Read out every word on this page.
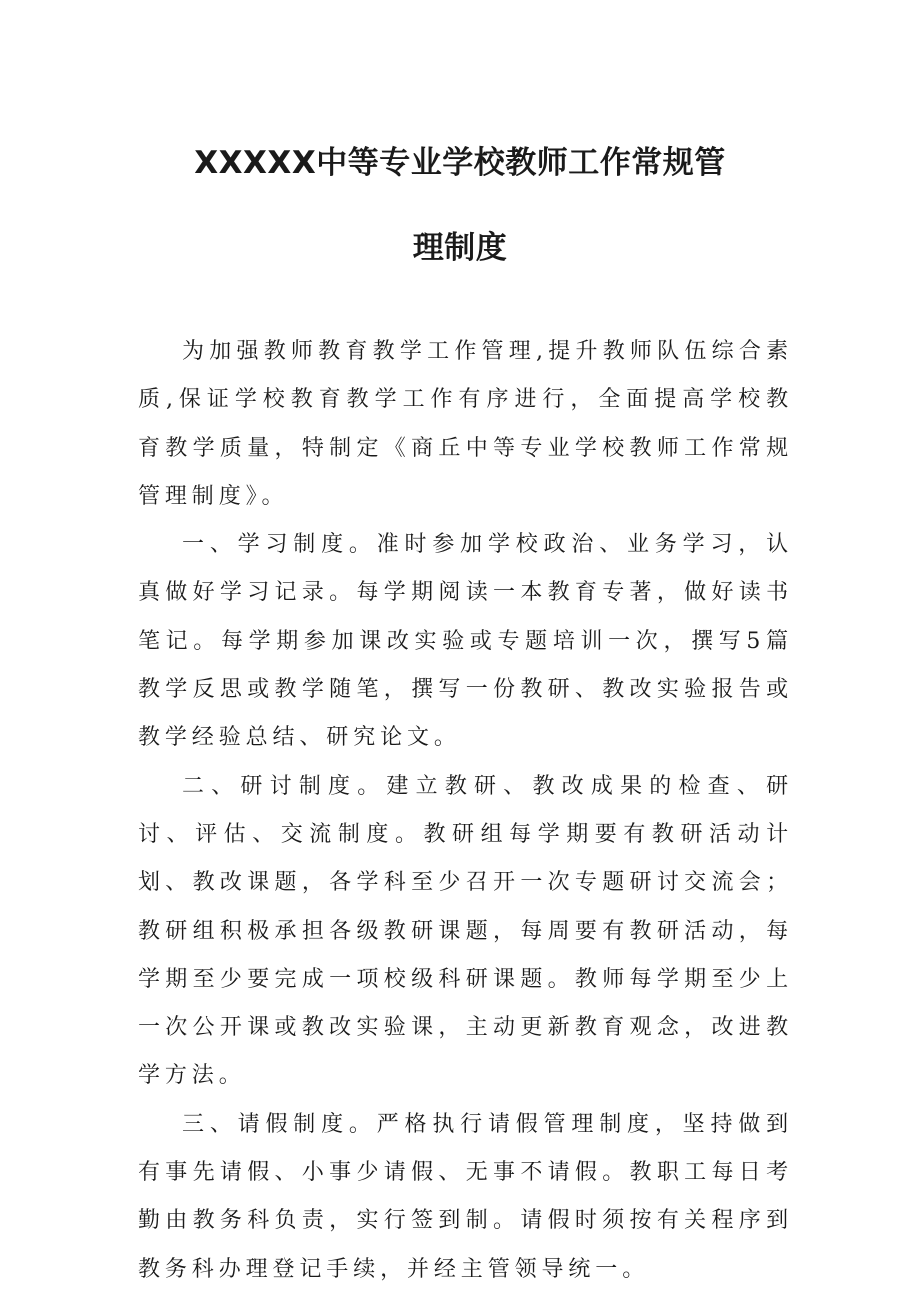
XXXXX中等专业学校教师工作常规管
理制度

为加强教师教育教学工作管理,提升教师队伍综合素质,保证学校教育教学工作有序进行，全面提高学校教育教学质量，特制定《商丘中等专业学校教师工作常规管理制度》。

一、学习制度。准时参加学校政治、业务学习，认真做好学习记录。每学期阅读一本教育专著，做好读书笔记。每学期参加课改实验或专题培训一次，撰写5篇教学反思或教学随笔，撰写一份教研、教改实验报告或教学经验总结、研究论文。

二、研讨制度。建立教研、教改成果的检查、研讨、评估、交流制度。教研组每学期要有教研活动计划、教改课题，各学科至少召开一次专题研讨交流会；教研组积极承担各级教研课题，每周要有教研活动，每学期至少要完成一项校级科研课题。教师每学期至少上一次公开课或教改实验课，主动更新教育观念，改进教学方法。

三、请假制度。严格执行请假管理制度，坚持做到有事先请假、小事少请假、无事不请假。教职工每日考勤由教务科负责，实行签到制。请假时须按有关程序到教务科办理登记手续，并经主管领导统一。
